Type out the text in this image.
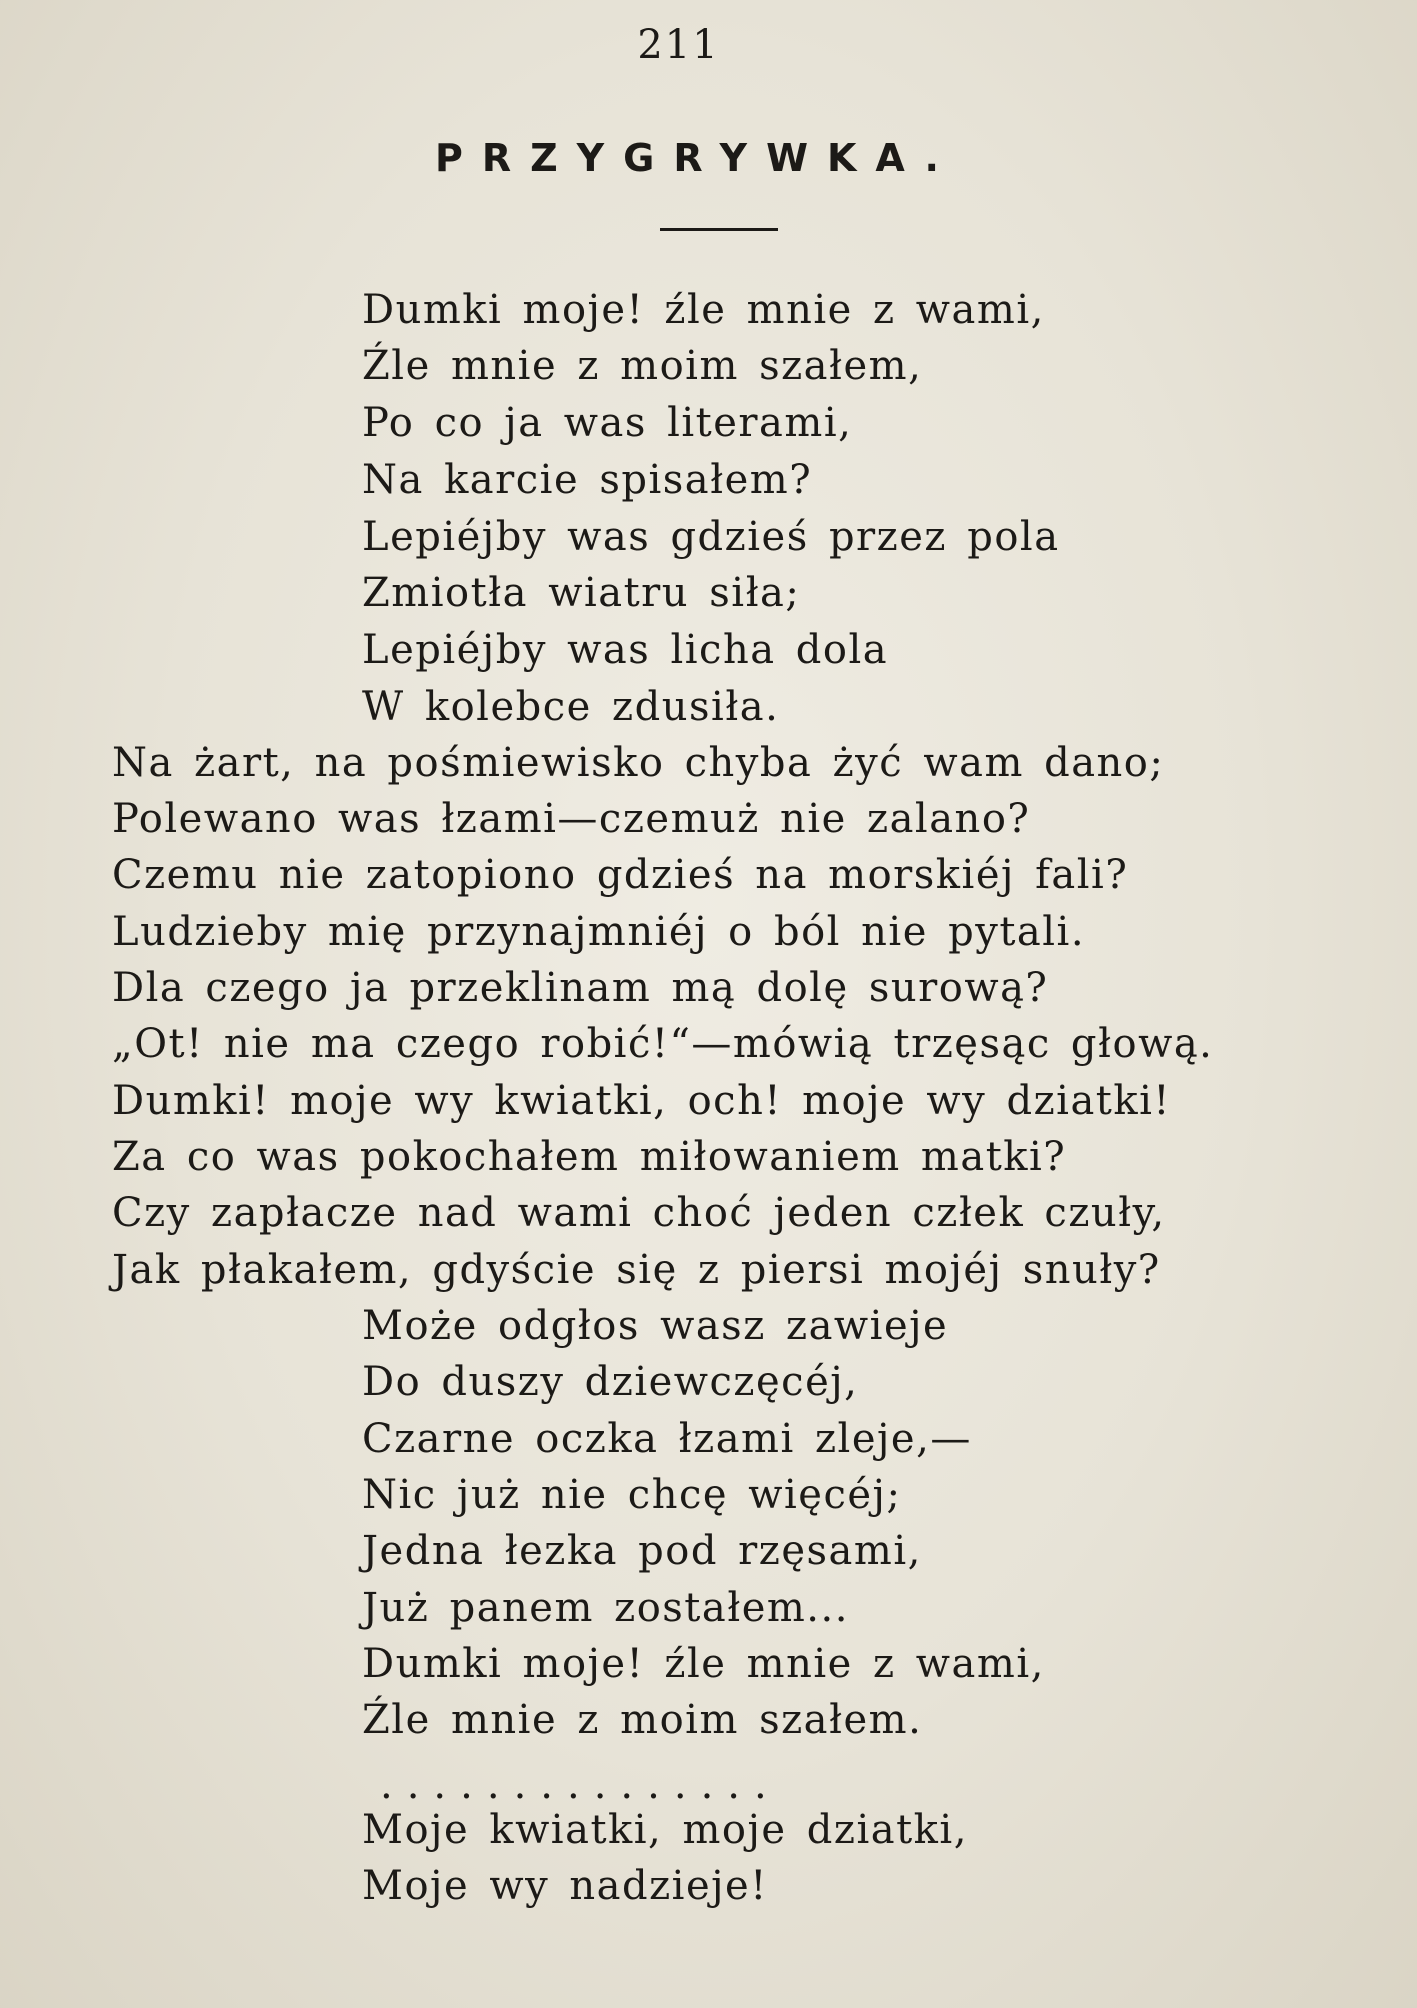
211
PRZYGRYWKA.
Dumki moje! źle mnie z wami,
Źle mnie z moim szałem,
Po co ja was literami,
Na karcie spisałem?
Lepiéjby was gdzieś przez pola
Zmiotła wiatru siła;
Lepiéjby was licha dola
W kolebce zdusiła.
Na żart, na pośmiewisko chyba żyć wam dano;
Polewano was łzami—czemuż nie zalano?
Czemu nie zatopiono gdzieś na morskiéj fali?
Ludzieby mię przynajmniéj o ból nie pytali.
Dla czego ja przeklinam mą dolę surową?
„Ot! nie ma czego robić!“—mówią trzęsąc głową.
Dumki! moje wy kwiatki, och! moje wy dziatki!
Za co was pokochałem miłowaniem matki?
Czy zapłacze nad wami choć jeden człek czuły,
Jak płakałem, gdyście się z piersi mojéj snuły?
Może odgłos wasz zawieje
Do duszy dziewczęcéj,
Czarne oczka łzami zleje,—
Nic już nie chcę więcéj;
Jedna łezka pod rzęsami,
Już panem zostałem...
Dumki moje! źle mnie z wami,
Źle mnie z moim szałem.
...............
Moje kwiatki, moje dziatki,
Moje wy nadzieje!
